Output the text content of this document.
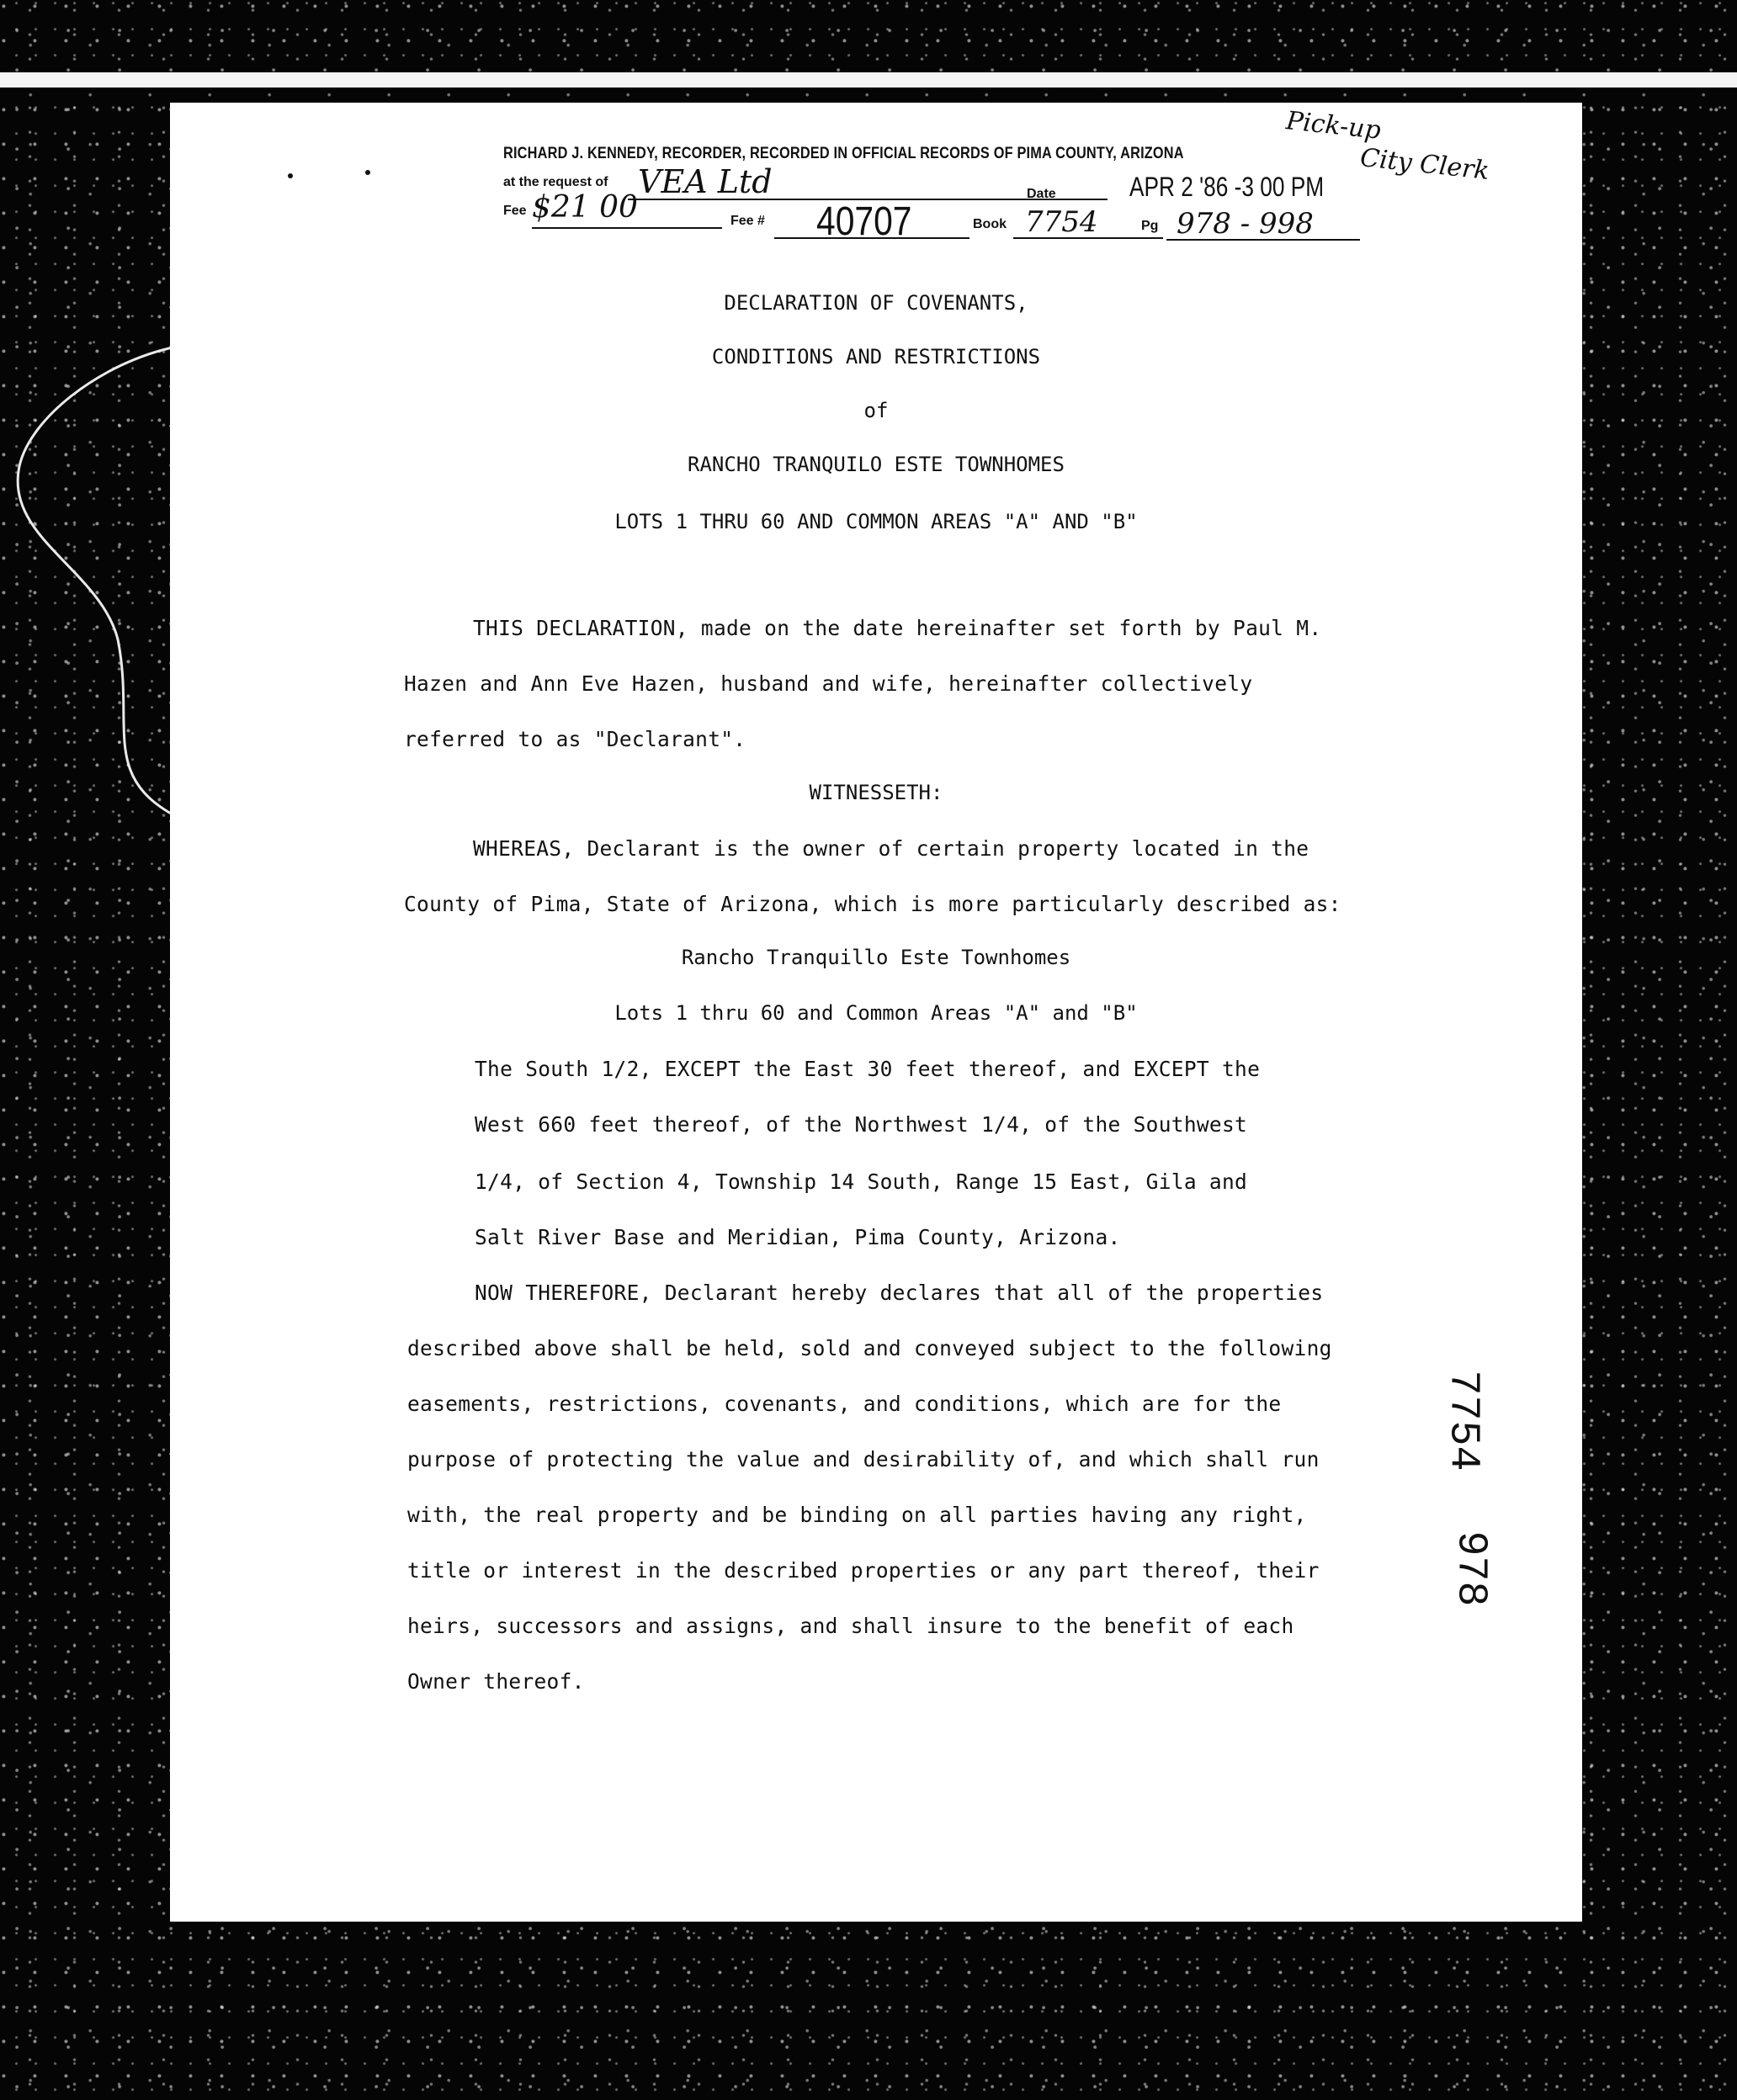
RICHARD J. KENNEDY, RECORDER, RECORDED IN OFFICIAL RECORDS OF PIMA COUNTY, ARIZONA
at the request of VEA Ltd	Date	APR 2 '86 -3 00 PM
Fee $21 00	Fee # 40707	Book 7754	Pg 978 - 998
Pick-up
City Clerk
DECLARATION OF COVENANTS,
CONDITIONS AND RESTRICTIONS
of
RANCHO TRANQUILO ESTE TOWNHOMES
LOTS 1 THRU 60 AND COMMON AREAS "A" AND "B"
THIS DECLARATION, made on the date hereinafter set forth by Paul M.
Hazen and Ann Eve Hazen, husband and wife, hereinafter collectively
referred to as "Declarant".
WITNESSETH:
WHEREAS, Declarant is the owner of certain property located in the
County of Pima, State of Arizona, which is more particularly described as:
Rancho Tranquillo Este Townhomes
Lots 1 thru 60 and Common Areas "A" and "B"
The South 1/2, EXCEPT the East 30 feet thereof, and EXCEPT the
West 660 feet thereof, of the Northwest 1/4, of the Southwest
1/4, of Section 4, Township 14 South, Range 15 East, Gila and
Salt River Base and Meridian, Pima County, Arizona.
NOW THEREFORE, Declarant hereby declares that all of the properties
described above shall be held, sold and conveyed subject to the following
easements, restrictions, covenants, and conditions, which are for the
purpose of protecting the value and desirability of, and which shall run
with, the real property and be binding on all parties having any right,
title or interest in the described properties or any part thereof, their
heirs, successors and assigns, and shall insure to the benefit of each
Owner thereof.
7754
978
